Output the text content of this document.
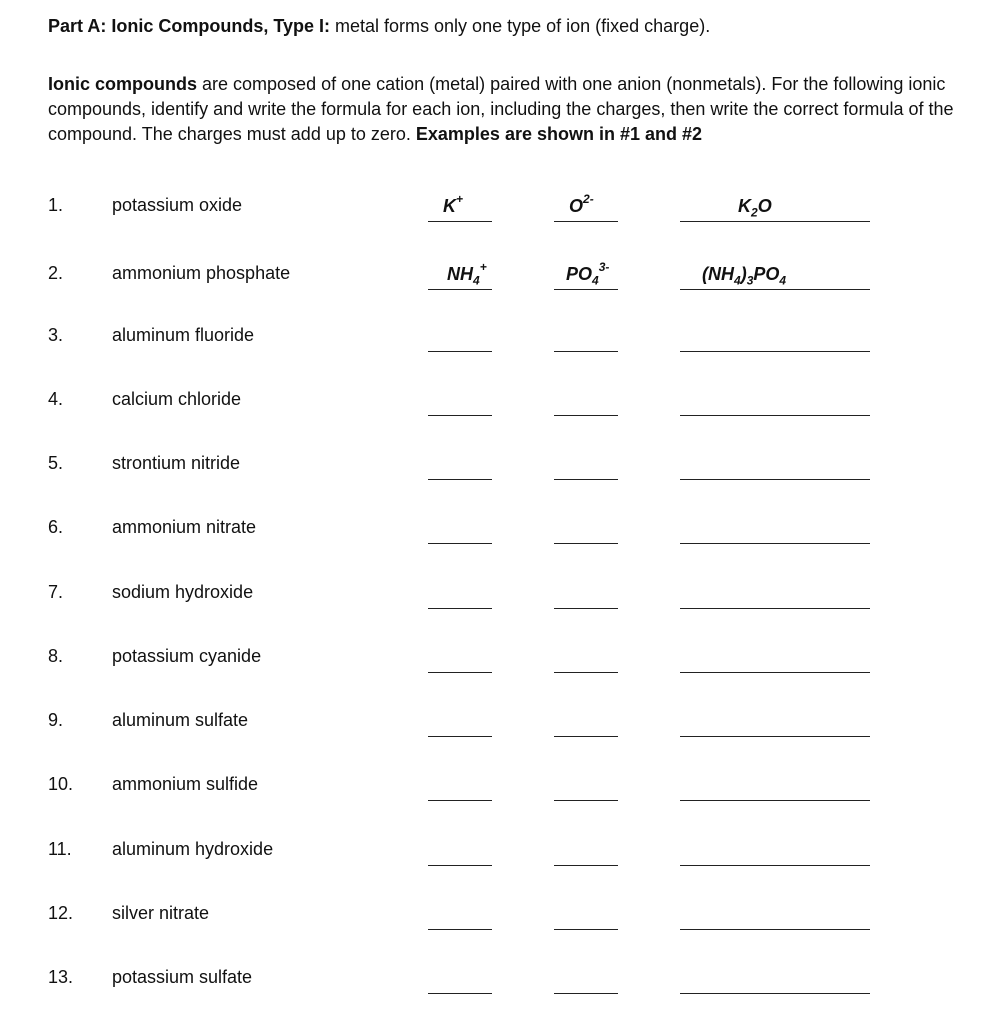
Part A: Ionic Compounds, Type I: metal forms only one type of ion (fixed charge).
Ionic compounds are composed of one cation (metal) paired with one anion (nonmetals). For the following ionic compounds, identify and write the formula for each ion, including the charges, then write the correct formula of the compound. The charges must add up to zero. Examples are shown in #1 and #2
1.	potassium oxide	K+	$O^{2-}$	$K_2O$
2.	ammonium phosphate	$NH_4^+$	$PO_4^{3-}$	$(NH_4)_3PO_4$
3.	aluminum fluoride
4.	calcium chloride
5.	strontium nitride
6.	ammonium nitrate
7.	sodium hydroxide
8.	potassium cyanide
9.	aluminum sulfate
10. ammonium sulfide
11. aluminum hydroxide
12. silver nitrate
13. potassium sulfate
